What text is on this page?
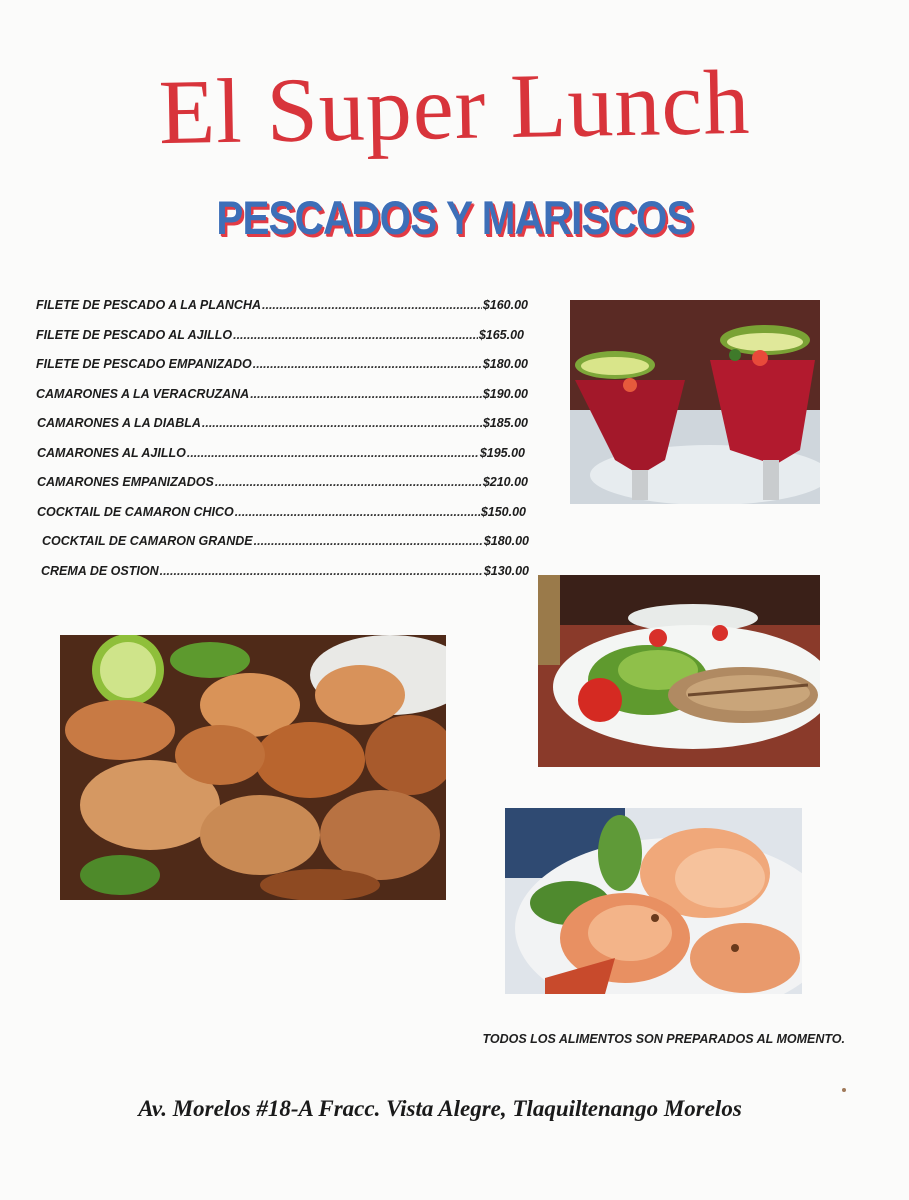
El Super Lunch
PESCADOS Y MARISCOS
FILETE DE PESCADO A LA PLANCHA .....	$160.00
FILETE DE PESCADO AL AJILLO .....	$165.00
FILETE DE PESCADO EMPANIZADO .....	$180.00
CAMARONES A LA VERACRUZANA .....	$190.00
CAMARONES A LA DIABLA .....	$185.00
CAMARONES AL AJILLO .....	$195.00
CAMARONES EMPANIZADOS .....	$210.00
COCKTAIL DE CAMARON CHICO .....	$150.00
COCKTAIL DE CAMARON GRANDE .....	$180.00
CREMA DE OSTION .....	$130.00

TODOS LOS ALIMENTOS SON PREPARADOS AL MOMENTO.

Av. Morelos #18-A Fracc. Vista Alegre, Tlaquiltenango Morelos
